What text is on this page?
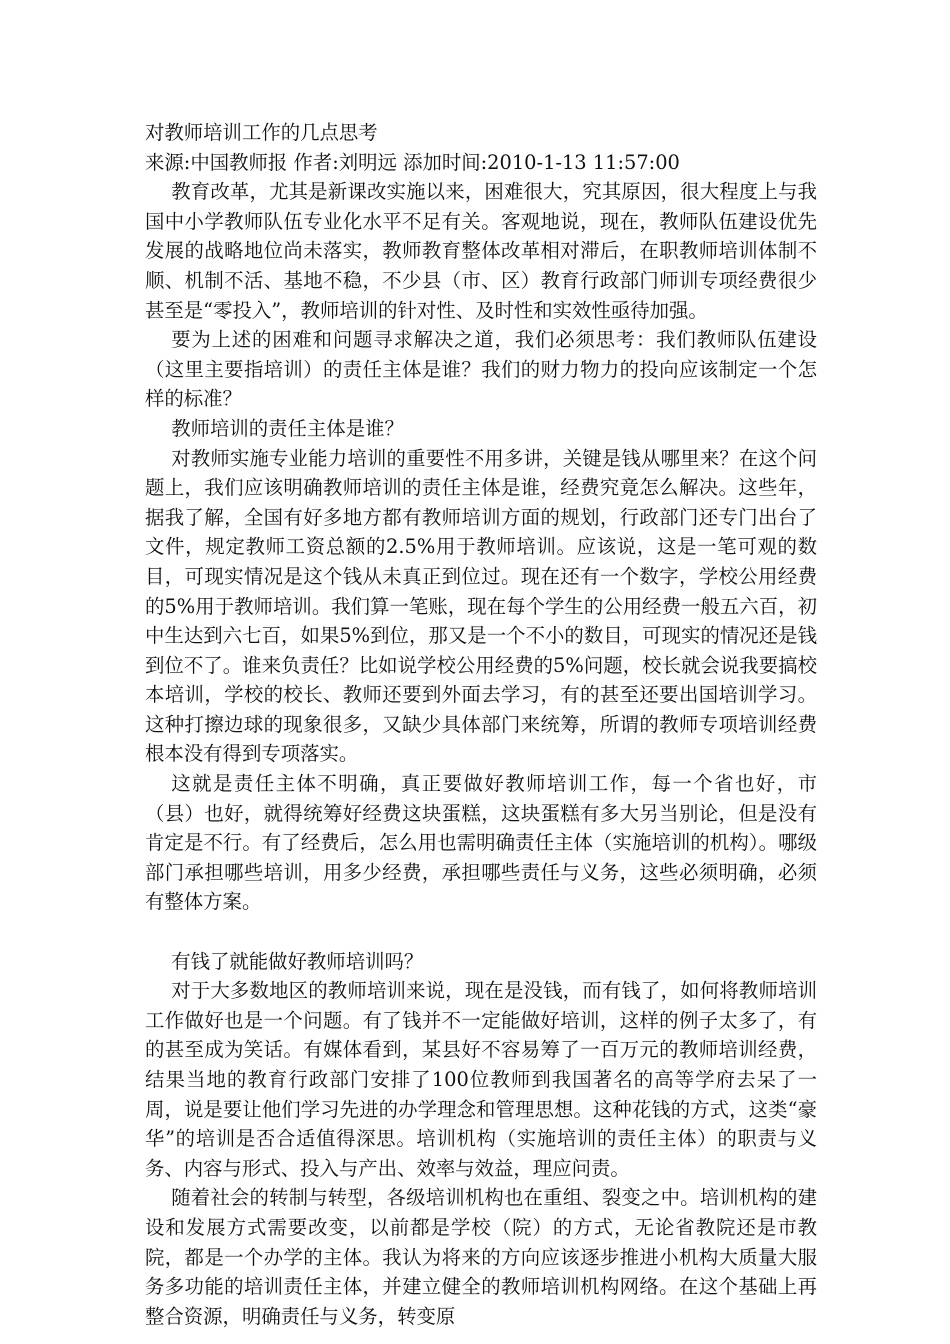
对教师培训工作的几点思考

来源:中国教师报 作者:刘明远 添加时间:2010-1-13 11:57:00

教育改革，尤其是新课改实施以来，困难很大，究其原因，很大程度上与我国中小学教师队伍专业化水平不足有关。客观地说，现在，教师队伍建设优先发展的战略地位尚未落实，教师教育整体改革相对滞后，在职教师培训体制不顺、机制不活、基地不稳，不少县（市、区）教育行政部门师训专项经费很少甚至是“零投入”，教师培训的针对性、及时性和实效性亟待加强。

要为上述的困难和问题寻求解决之道，我们必须思考：我们教师队伍建设（这里主要指培训）的责任主体是谁？我们的财力物力的投向应该制定一个怎样的标准？

教师培训的责任主体是谁？

对教师实施专业能力培训的重要性不用多讲，关键是钱从哪里来？在这个问题上，我们应该明确教师培训的责任主体是谁，经费究竟怎么解决。这些年，据我了解，全国有好多地方都有教师培训方面的规划，行政部门还专门出台了文件，规定教师工资总额的2.5%用于教师培训。应该说，这是一笔可观的数目，可现实情况是这个钱从未真正到位过。现在还有一个数字，学校公用经费的5%用于教师培训。我们算一笔账，现在每个学生的公用经费一般五六百，初中生达到六七百，如果5%到位，那又是一个不小的数目，可现实的情况还是钱到位不了。谁来负责任？比如说学校公用经费的5%问题，校长就会说我要搞校本培训，学校的校长、教师还要到外面去学习，有的甚至还要出国培训学习。这种打擦边球的现象很多，又缺少具体部门来统筹，所谓的教师专项培训经费根本没有得到专项落实。

这就是责任主体不明确，真正要做好教师培训工作，每一个省也好，市（县）也好，就得统筹好经费这块蛋糕，这块蛋糕有多大另当别论，但是没有肯定是不行。有了经费后，怎么用也需明确责任主体（实施培训的机构）。哪级部门承担哪些培训，用多少经费，承担哪些责任与义务，这些必须明确，必须有整体方案。

有钱了就能做好教师培训吗？

对于大多数地区的教师培训来说，现在是没钱，而有钱了，如何将教师培训工作做好也是一个问题。有了钱并不一定能做好培训，这样的例子太多了，有的甚至成为笑话。有媒体看到，某县好不容易筹了一百万元的教师培训经费，结果当地的教育行政部门安排了100位教师到我国著名的高等学府去呆了一周，说是要让他们学习先进的办学理念和管理思想。这种花钱的方式，这类“豪华”的培训是否合适值得深思。培训机构（实施培训的责任主体）的职责与义务、内容与形式、投入与产出、效率与效益，理应问责。

随着社会的转制与转型，各级培训机构也在重组、裂变之中。培训机构的建设和发展方式需要改变，以前都是学校（院）的方式，无论省教院还是市教院，都是一个办学的主体。我认为将来的方向应该逐步推进小机构大质量大服务多功能的培训责任主体，并建立健全的教师培训机构网络。在这个基础上再整合资源，明确责任与义务，转变原
